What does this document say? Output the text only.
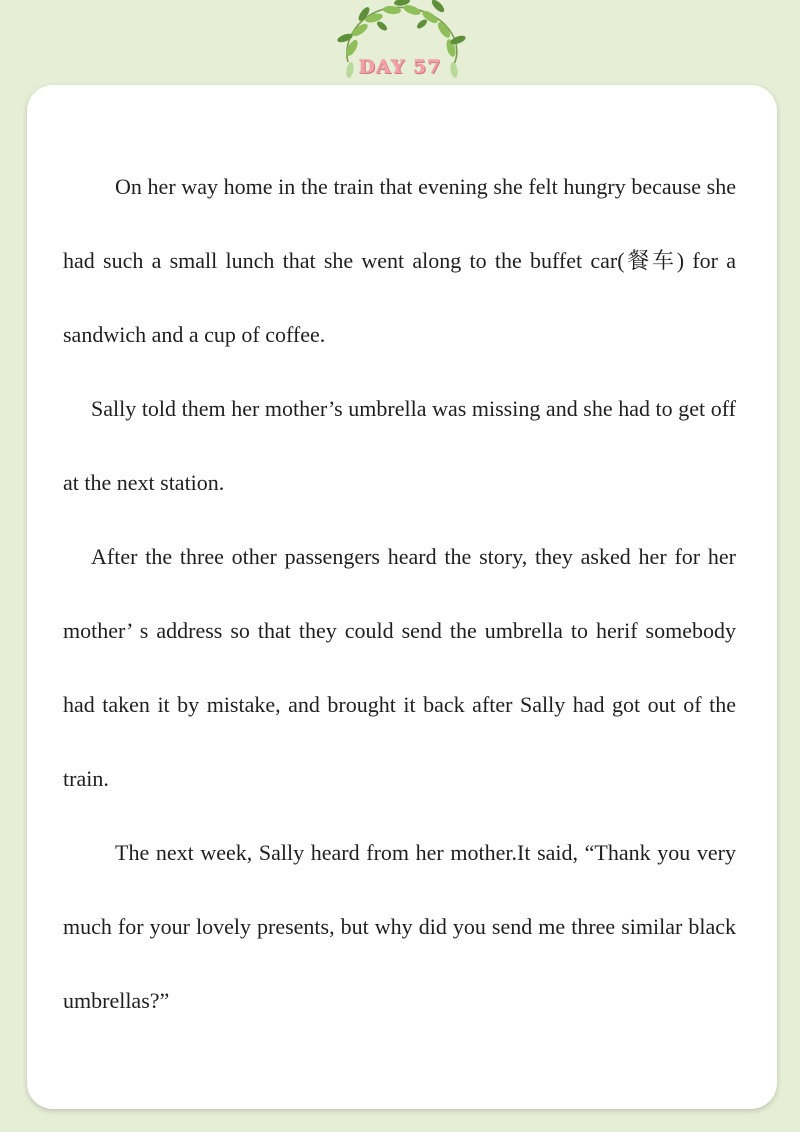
DAY 57

On her way home in the train that evening she felt hungry because she had such a small lunch that she went along to the buffet car(餐车) for a sandwich and a cup of coffee.

Sally told them her mother’s umbrella was missing and she had to get off at the next station.

After the three other passengers heard the story, they asked her for her mother’ s address so that they could send the umbrella to herif somebody had taken it by mistake, and brought it back after Sally had got out of the train.

The next week, Sally heard from her mother.It said, “Thank you very much for your lovely presents, but why did you send me three similar black umbrellas?”
